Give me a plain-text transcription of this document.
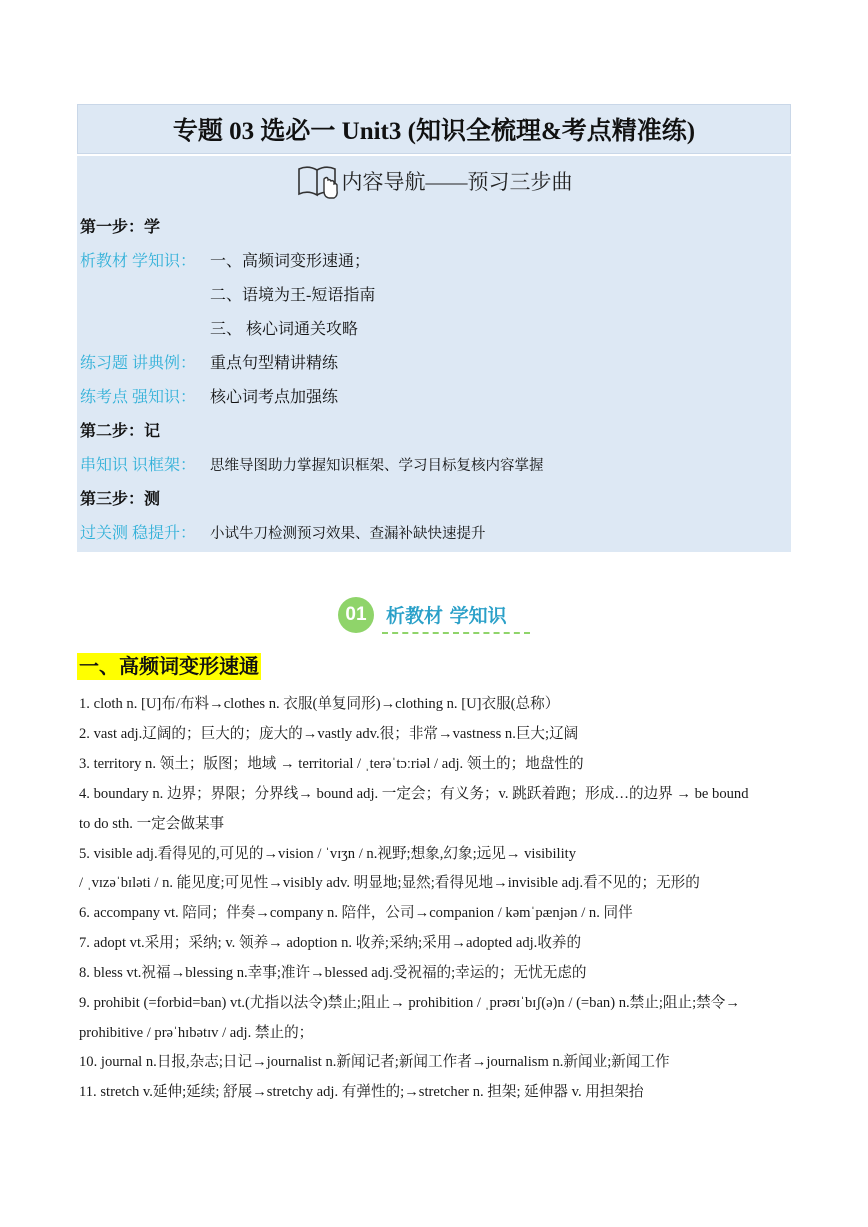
专题 03 选必一 Unit3 (知识全梳理&考点精准练)
内容导航——预习三步曲
第一步：学
析教材 学知识： 一、高频词变形速通；
二、语境为王-短语指南
三、 核心词通关攻略
练习题 讲典例： 重点句型精讲精练
练考点 强知识： 核心词考点加强练
第二步：记
串知识 识框架： 思维导图助力掌握知识框架、学习目标复核内容掌握
第三步：测
过关测 稳提升： 小试牛刀检测预习效果、查漏补缺快速提升
01	析教材 学知识
一、高频词变形速通
1. cloth n. [U]布/布料→clothes n. 衣服(单复同形)→clothing n. [U]衣服(总称）
2. vast adj.辽阔的；巨大的；庞大的→vastly adv.很；非常→vastness n.巨大;辽阔
3. territory n. 领土；版图；地域 → territorial / ˌterəˈtɔːriəl / adj. 领土的；地盘性的
4. boundary n. 边界；界限；分界线→ bound adj. 一定会；有义务；v. 跳跃着跑；形成…的边界 → be bound
to do sth. 一定会做某事
5. visible adj.看得见的,可见的→vision / ˈvɪʒn / n.视野;想象,幻象;远见→ visibility
/ ˌvɪzəˈbɪləti / n. 能见度;可见性→visibly adv. 明显地;显然;看得见地→invisible adj.看不见的；无形的
6. accompany vt. 陪同；伴奏→company n. 陪伴，公司→companion / kəmˈpænjən / n. 同伴
7. adopt vt.采用；采纳; v. 领养→ adoption n. 收养;采纳;采用→adopted adj.收养的
8. bless vt.祝福→blessing n.幸事;准许→blessed adj.受祝福的;幸运的；无忧无虑的
9. prohibit (=forbid=ban) vt.(尤指以法令)禁止;阻止→ prohibition / ˌprəʊɪˈbɪʃ(ə)n / (=ban) n.禁止;阻止;禁令→
prohibitive / prəˈhɪbətɪv / adj. 禁止的；
10. journal n.日报,杂志;日记→journalist n.新闻记者;新闻工作者→journalism n.新闻业;新闻工作
11. stretch v.延伸;延续; 舒展→stretchy adj. 有弹性的;→stretcher n. 担架; 延伸器 v. 用担架抬
